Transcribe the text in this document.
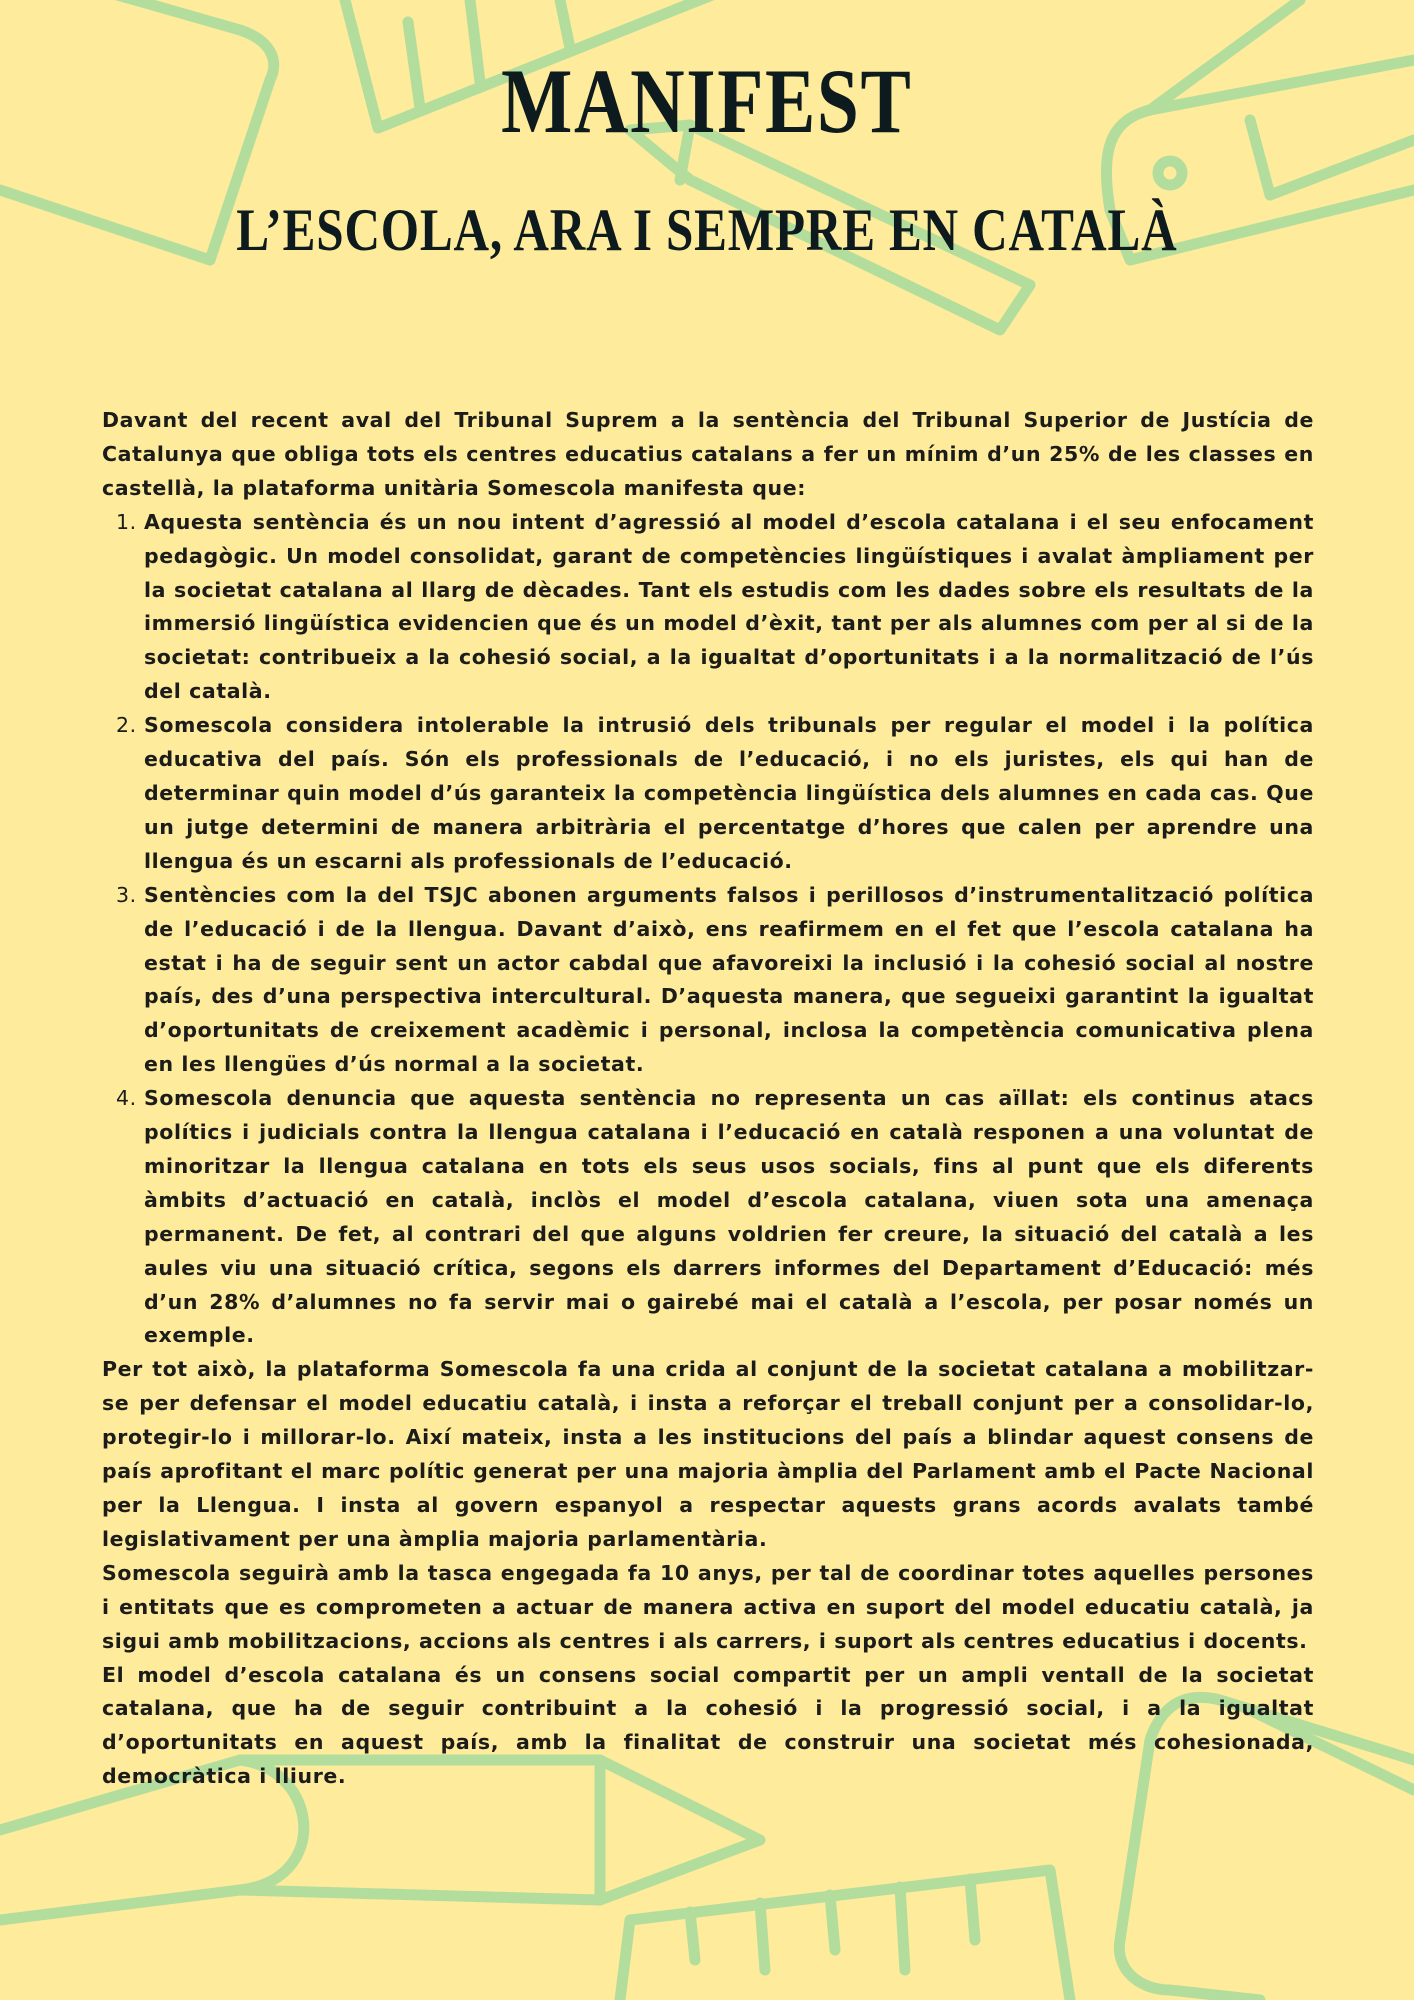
MANIFEST
L’ESCOLA, ARA I SEMPRE EN CATALÀ

Davant del recent aval del Tribunal Suprem a la sentència del Tribunal Superior de Justícia de Catalunya que obliga tots els centres educatius catalans a fer un mínim d’un 25% de les classes en castellà, la plataforma unitària Somescola manifesta que:

1. Aquesta sentència és un nou intent d’agressió al model d’escola catalana i el seu enfocament pedagògic. Un model consolidat, garant de competències lingüístiques i avalat àmpliament per la societat catalana al llarg de dècades. Tant els estudis com les dades sobre els resultats de la immersió lingüística evidencien que és un model d’èxit, tant per als alumnes com per al si de la societat: contribueix a la cohesió social, a la igualtat d’oportunitats i a la normalització de l’ús del català.
2. Somescola considera intolerable la intrusió dels tribunals per regular el model i la política educativa del país. Són els professionals de l’educació, i no els juristes, els qui han de determinar quin model d’ús garanteix la competència lingüística dels alumnes en cada cas. Que un jutge determini de manera arbitrària el percentatge d’hores que calen per aprendre una llengua és un escarni als professionals de l’educació.
3. Sentències com la del TSJC abonen arguments falsos i perillosos d’instrumentalització política de l’educació i de la llengua. Davant d’això, ens reafirmem en el fet que l’escola catalana ha estat i ha de seguir sent un actor cabdal que afavoreixi la inclusió i la cohesió social al nostre país, des d’una perspectiva intercultural. D’aquesta manera, que segueixi garantint la igualtat d’oportunitats de creixement acadèmic i personal, inclosa la competència comunicativa plena en les llengües d’ús normal a la societat.
4. Somescola denuncia que aquesta sentència no representa un cas aïllat: els continus atacs polítics i judicials contra la llengua catalana i l’educació en català responen a una voluntat de minoritzar la llengua catalana en tots els seus usos socials, fins al punt que els diferents àmbits d’actuació en català, inclòs el model d’escola catalana, viuen sota una amenaça permanent. De fet, al contrari del que alguns voldrien fer creure, la situació del català a les aules viu una situació crítica, segons els darrers informes del Departament d’Educació: més d’un 28% d’alumnes no fa servir mai o gairebé mai el català a l’escola, per posar només un exemple.

Per tot això, la plataforma Somescola fa una crida al conjunt de la societat catalana a mobilitzar-se per defensar el model educatiu català, i insta a reforçar el treball conjunt per a consolidar-lo, protegir-lo i millorar-lo. Així mateix, insta a les institucions del país a blindar aquest consens de país aprofitant el marc polític generat per una majoria àmplia del Parlament amb el Pacte Nacional per la Llengua. I insta al govern espanyol a respectar aquests grans acords avalats també legislativament per una àmplia majoria parlamentària.

Somescola seguirà amb la tasca engegada fa 10 anys, per tal de coordinar totes aquelles persones i entitats que es comprometen a actuar de manera activa en suport del model educatiu català, ja sigui amb mobilitzacions, accions als centres i als carrers, i suport als centres educatius i docents.

El model d’escola catalana és un consens social compartit per un ampli ventall de la societat catalana, que ha de seguir contribuint a la cohesió i la progressió social, i a la igualtat d’oportunitats en aquest país, amb la finalitat de construir una societat més cohesionada, democràtica i lliure.
